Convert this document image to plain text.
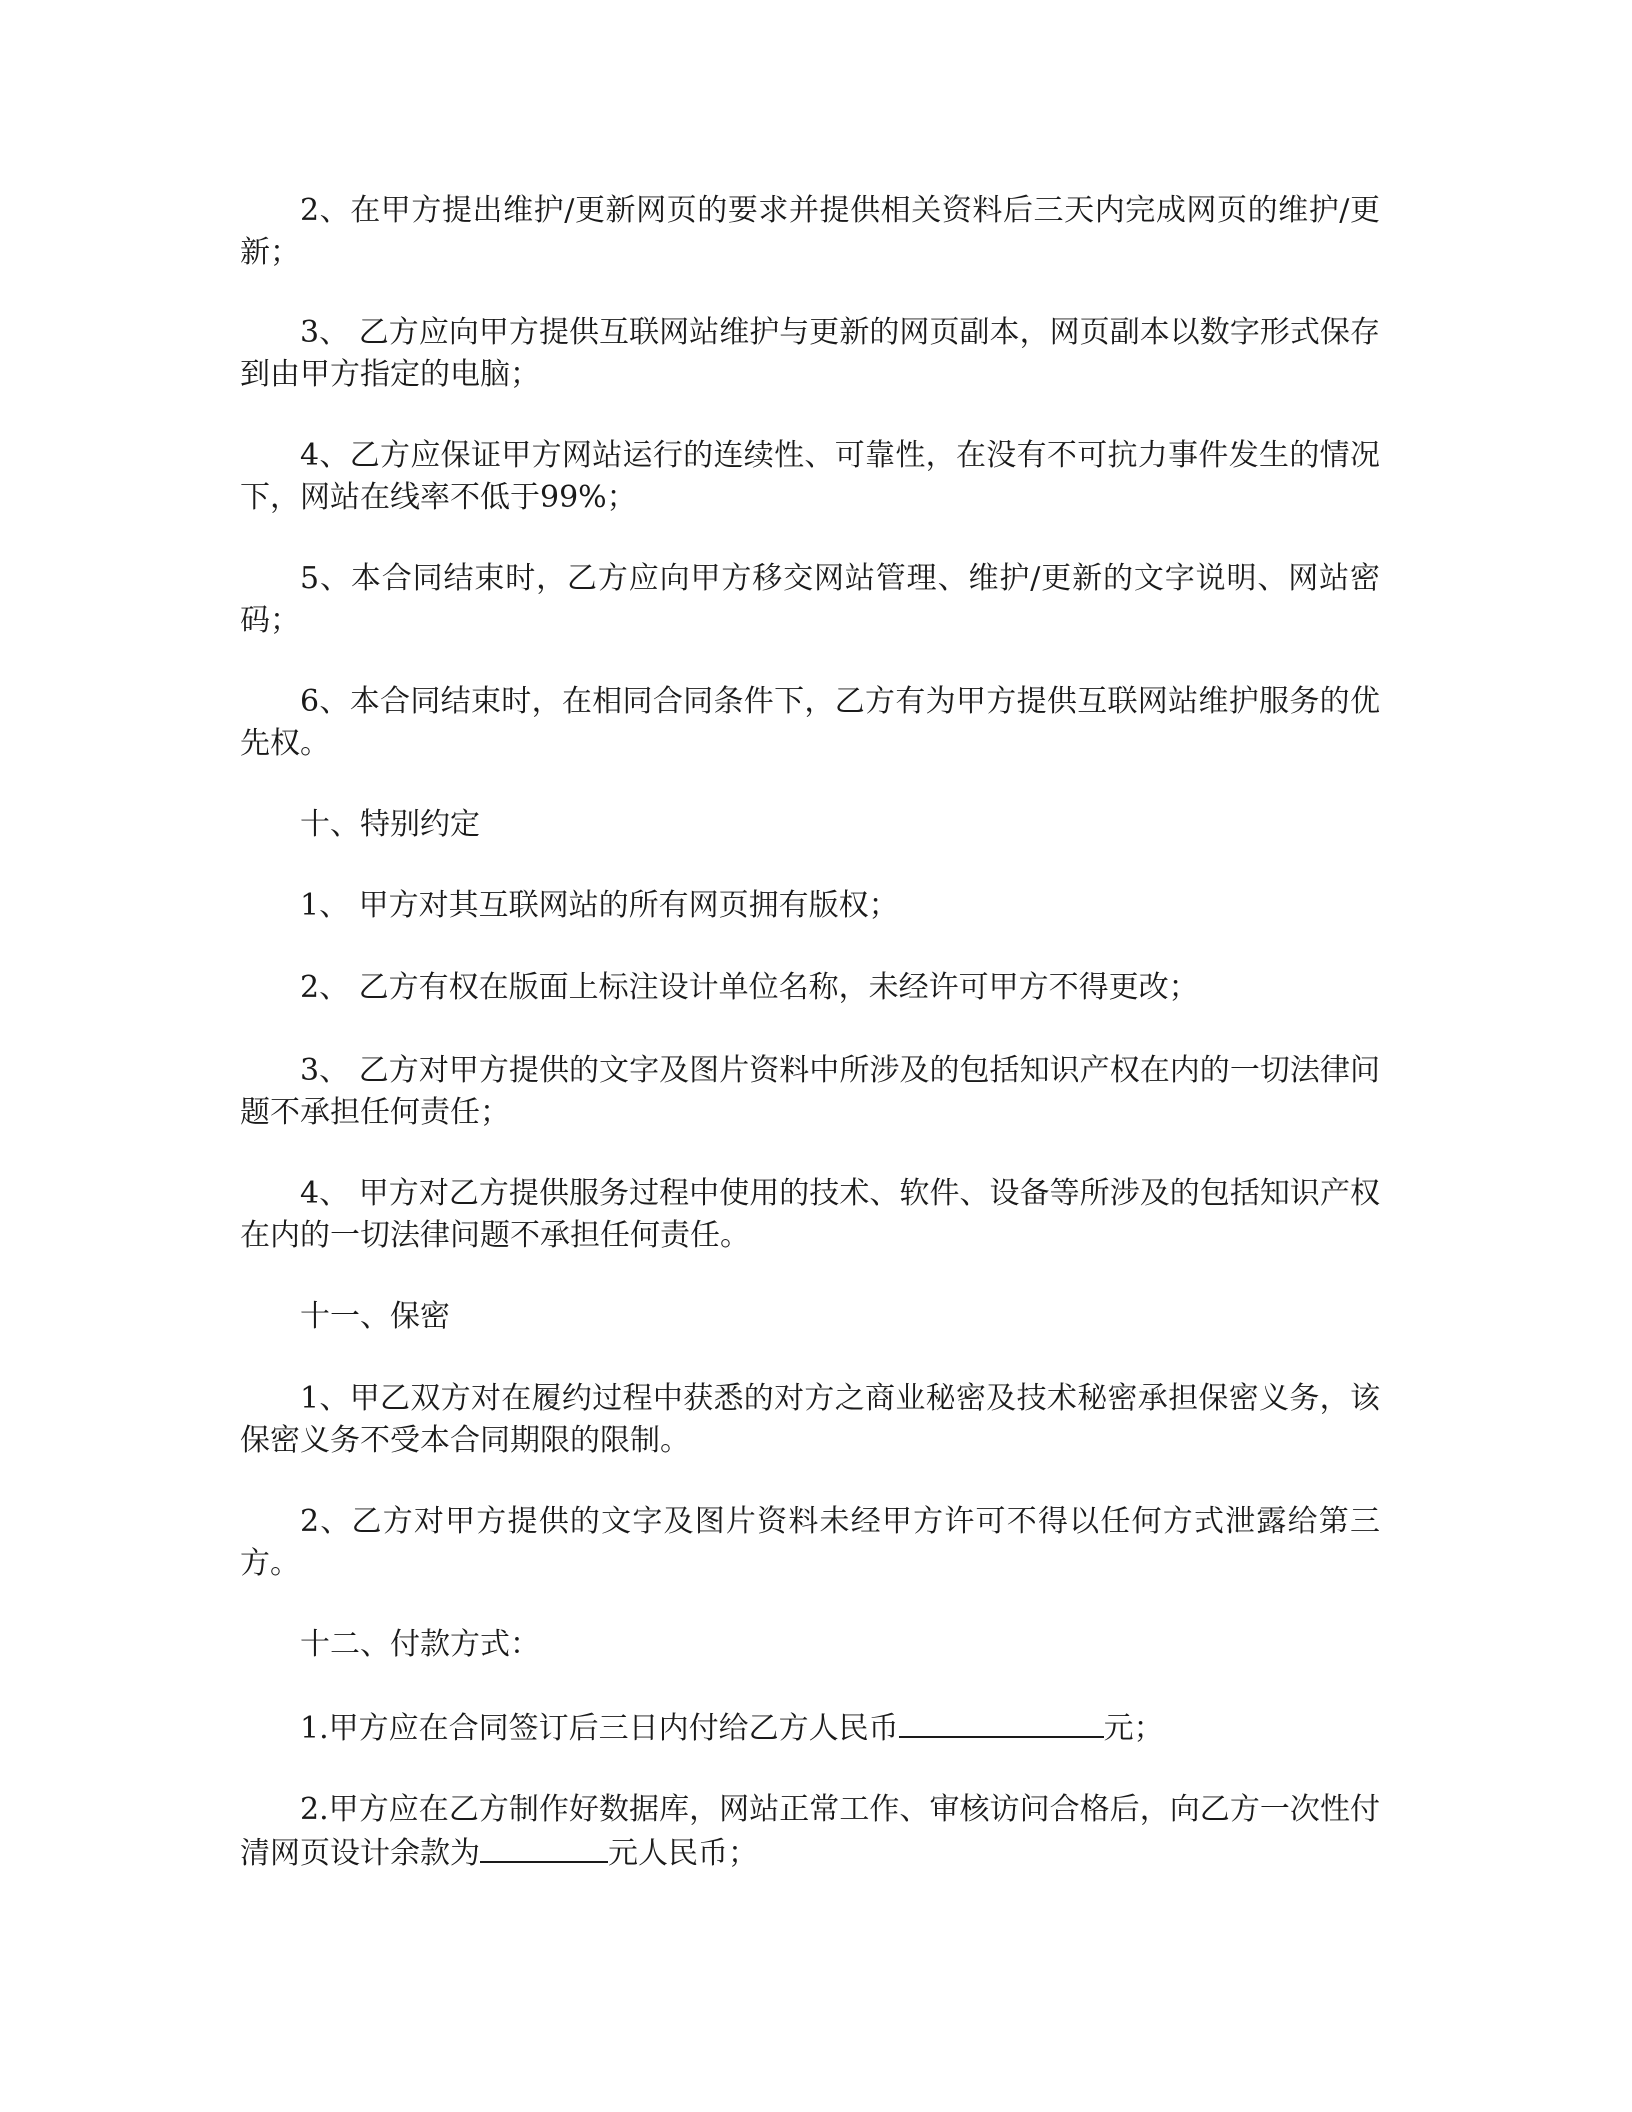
2、在甲方提出维护/更新网页的要求并提供相关资料后三天内完成网页的维护/更新；

3、 乙方应向甲方提供互联网站维护与更新的网页副本，网页副本以数字形式保存到由甲方指定的电脑；

4、乙方应保证甲方网站运行的连续性、可靠性，在没有不可抗力事件发生的情况下，网站在线率不低于99%；

5、本合同结束时，乙方应向甲方移交网站管理、维护/更新的文字说明、网站密码；

6、本合同结束时，在相同合同条件下，乙方有为甲方提供互联网站维护服务的优先权。

十、特别约定

1、 甲方对其互联网站的所有网页拥有版权；

2、 乙方有权在版面上标注设计单位名称，未经许可甲方不得更改；

3、 乙方对甲方提供的文字及图片资料中所涉及的包括知识产权在内的一切法律问题不承担任何责任；

4、 甲方对乙方提供服务过程中使用的技术、软件、设备等所涉及的包括知识产权在内的一切法律问题不承担任何责任。

十一、保密

1、甲乙双方对在履约过程中获悉的对方之商业秘密及技术秘密承担保密义务，该保密义务不受本合同期限的限制。

2、乙方对甲方提供的文字及图片资料未经甲方许可不得以任何方式泄露给第三方。

十二、付款方式：

1.甲方应在合同签订后三日内付给乙方人民币	元；

2.甲方应在乙方制作好数据库，网站正常工作、审核访问合格后，向乙方一次性付清网页设计余款为	元人民币；
